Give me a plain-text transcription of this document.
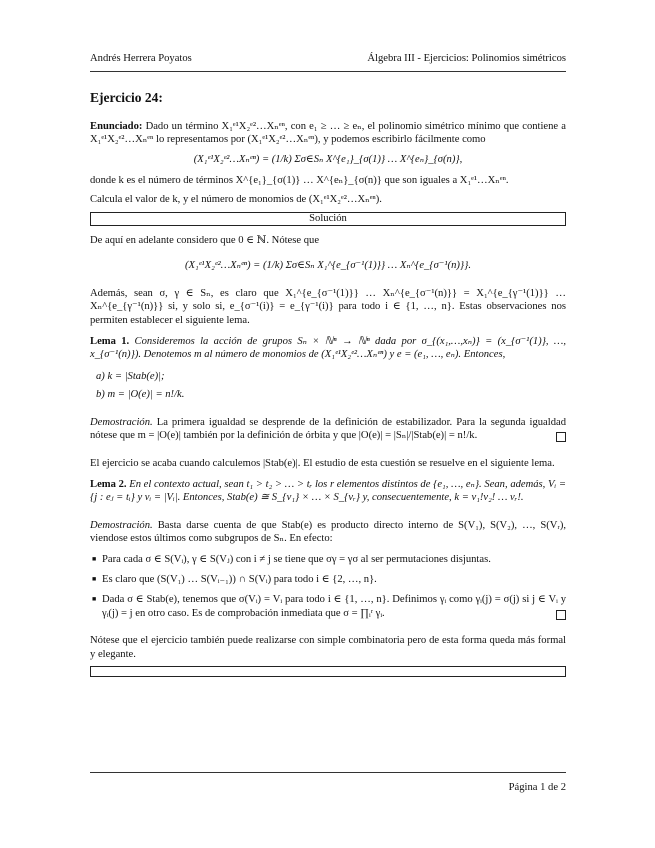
Andrés Herrera Poyatos	Álgebra III - Ejercicios: Polinomios simétricos
Ejercicio 24:

Enunciado: Dado un término X₁ᵉ¹X₂ᵉ²…Xₙᵉⁿ, con e₁ ≥ … ≥ eₙ, el polinomio simétrico mínimo que contiene a X₁ᵉ¹X₂ᵉ²…Xₙᵉⁿ lo representamos por (X₁ᵉ¹X₂ᵉ²…Xₙᵉⁿ), y podemos escribirlo fácilmente como

(X₁ᵉ¹X₂ᵉ²…Xₙᵉⁿ) = (1/k) Σσ∈Sₙ X^{e₁}_{σ(1)} … X^{eₙ}_{σ(n)},

donde k es el número de términos X^{e₁}_{σ(1)} … X^{eₙ}_{σ(n)} que son iguales a X₁ᵉ¹…Xₙᵉⁿ.

Calcula el valor de k, y el número de monomios de (X₁ᵉ¹X₂ᵉ²…Xₙᵉⁿ).

Solución

De aquí en adelante considero que 0 ∈ ℕ. Nótese que

(X₁ᵉ¹X₂ᵉ²…Xₙᵉⁿ) = (1/k) Σσ∈Sₙ X₁^{e_{σ⁻¹(1)}} … Xₙ^{e_{σ⁻¹(n)}}.

Además, sean σ, γ ∈ Sₙ, es claro que X₁^{e_{σ⁻¹(1)}} … Xₙ^{e_{σ⁻¹(n)}} = X₁^{e_{γ⁻¹(1)}} … Xₙ^{e_{γ⁻¹(n)}} si, y solo si, e_{σ⁻¹(i)} = e_{γ⁻¹(i)} para todo i ∈ {1, …, n}. Estas observaciones nos permiten establecer el siguiente lema.

Lema 1. Consideremos la acción de grupos Sₙ × ℕⁿ → ℕⁿ dada por σ_{(x₁,…,xₙ)} = (x_{σ⁻¹(1)}, …, x_{σ⁻¹(n)}). Denotemos m al número de monomios de (X₁ᵉ¹X₂ᵉ²…Xₙᵉⁿ) y e = (e₁, …, eₙ). Entonces,

a) k = |Stab(e)|;

b) m = |O(e)| = n!/k.

Demostración. La primera igualdad se desprende de la definición de estabilizador. Para la segunda igualdad nótese que m = |O(e)| también por la definición de órbita y que |O(e)| = |Sₙ|/|Stab(e)| = n!/k.

El ejercicio se acaba cuando calculemos |Stab(e)|. El estudio de esta cuestión se resuelve en el siguiente lema.

Lema 2. En el contexto actual, sean t₁ > t₂ > … > tᵣ los r elementos distintos de {e₁, …, eₙ}. Sean, además, Vᵢ = {j : eⱼ = tᵢ} y vᵢ = |Vᵢ|. Entonces, Stab(e) ≅ S_{v₁} × … × S_{vᵣ} y, consecuentemente, k = v₁!v₂! … vᵣ!.

Demostración. Basta darse cuenta de que Stab(e) es producto directo interno de S(V₁), S(V₂), …, S(Vᵣ), viendose estos últimos como subgrupos de Sₙ. En efecto:

■ Para cada σ ∈ S(Vᵢ), γ ∈ S(Vⱼ) con i ≠ j se tiene que σγ = γσ al ser permutaciones disjuntas.
■ Es claro que (S(V₁) … S(Vᵢ₋₁)) ∩ S(Vᵢ) para todo i ∈ {2, …, n}.
■ Dada σ ∈ Stab(e), tenemos que σ(Vᵢ) = Vᵢ para todo i ∈ {1, …, n}. Definimos γᵢ como γᵢ(j) = σ(j) si j ∈ Vᵢ y γᵢ(j) = j en otro caso. Es de comprobación inmediata que σ = ∏ᵢʳ γᵢ.

Nótese que el ejercicio también puede realizarse con simple combinatoria pero de esta forma queda más formal y elegante.

Página 1 de 2
